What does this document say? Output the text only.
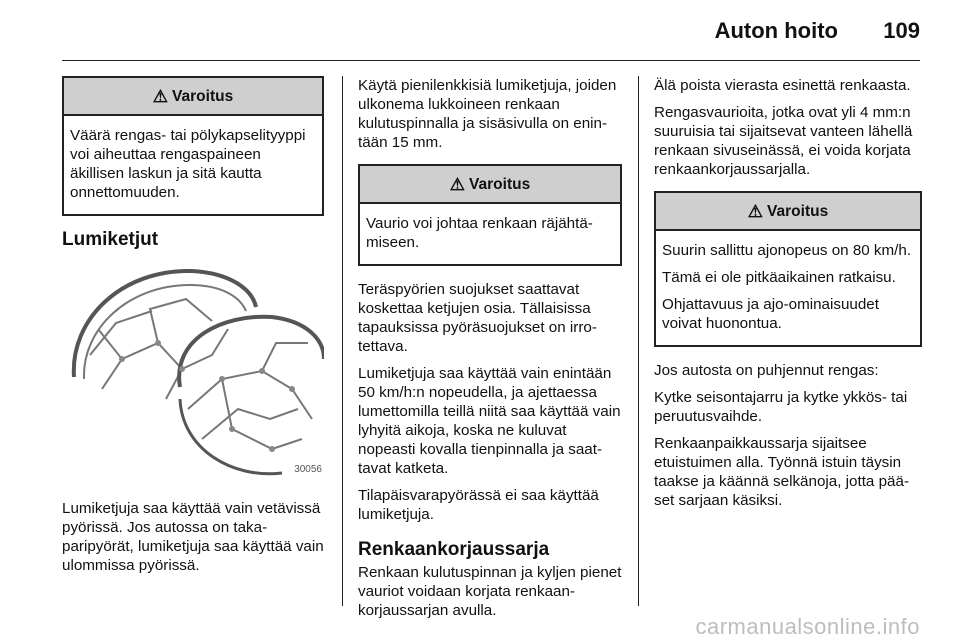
Auton hoito 109
⚠ Varoitus

Väärä rengas- tai pölykapselityyppi voi aiheuttaa rengaspaineen äkillisen laskun ja sitä kautta onnettomuuden.

Lumiketjut
30056

Lumiketjuja saa käyttää vain vetävissä pyörissä. Jos autossa on takaparipyörät, lumiketjuja saa käyttää vain ulommissa pyörissä.

Käytä pienilenkkisiä lumiketjuja, joiden ulkonema lukkoineen renkaan kulutuspinnalla ja sisäsivulla on enintään 15 mm.

⚠ Varoitus

Vaurio voi johtaa renkaan räjähtämiseen.

Teräspyörien suojukset saattavat koskettaa ketjujen osia. Tällaisissa tapauksissa pyöräsuojukset on irrotettava.

Lumiketjuja saa käyttää vain enintään 50 km/h:n nopeudella, ja ajettaessa lumettomilla teillä niitä saa käyttää vain lyhyitä aikoja, koska ne kuluvat nopeasti kovalla tienpinnalla ja saattavat katketa.

Tilapäisvarapyörässä ei saa käyttää lumiketjuja.

Renkaankorjaussarja

Renkaan kulutuspinnan ja kyljen pienet vauriot voidaan korjata renkaankorjaussarjan avulla.

Älä poista vierasta esinettä renkaasta.

Rengasvaurioita, jotka ovat yli 4 mm:n suuruisia tai sijaitsevat vanteen lähellä renkaan sivuseinässä, ei voida korjata renkaankorjaussarjalla.

⚠ Varoitus

Suurin sallittu ajonopeus on 80 km/h.

Tämä ei ole pitkäaikainen ratkaisu.

Ohjattavuus ja ajo-ominaisuudet voivat huonontua.

Jos autosta on puhjennut rengas:

Kytke seisontajarru ja kytke ykkös- tai peruutusvaihde.

Renkaanpaikkaussarja sijaitsee etuistuimen alla. Työnnä istuin täysin taakse ja käännä selkänoja, jotta pääset sarjaan käsiksi.

carmanualsonline.info
